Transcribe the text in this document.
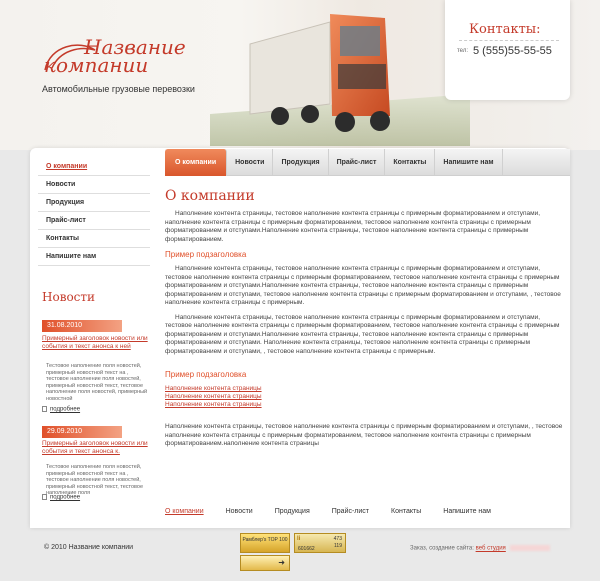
Название
компании
Автомобильные грузовые перевозки
Контакты:
тел: 5 (555)55-55-55
О компании	Новости	Продукция	Прайс-лист	Контакты	Напишите нам
О компании
Новости
Продукция
Прайс-лист
Контакты
Напишите нам
Новости
31.08.2010
Примерный заголовок новости или события и текст анонса к ней
Тестовое наполнение поля новостей, примерный новостной текст на , тестовое наполнение поля новостей, примерный новостной текст, тестовое наполнение поля новостей, примерный новостной
подробнее
29.09.2010
Примерный заголовок новости или события и текст анонса к.
Тестовое наполнение поля новостей, примерный новостной текст на , тестовое наполнение поля новостей, примерный новостной текст, тестовое наполнение поля
подробнее
О компании

Наполнение контента страницы, тестовое наполнение контента страницы с примерным форматированием и отступами, наполнение контента страницы с примерным форматированием, тестовое наполнение контента страницы с примерным форматированием и отступами.Наполнение контента страницы, тестовое наполнение контента страницы с примерным форматированием.

Пример подзаголовка

Наполнение контента страницы, тестовое наполнение контента страницы с примерным форматированием и отступами, тестовое наполнение контента страницы с примерным форматированием, тестовое наполнение контента страницы с примерным форматированием и отступами.Наполнение контента страницы, тестовое наполнение контента страницы с примерным форматированием и отступами, тестовое наполнение контента страницы с примерным форматированием и отступами, , тестовое наполнение контента страницы с примерным.

Наполнение контента страницы, тестовое наполнение контента страницы с примерным форматированием и отступами, тестовое наполнение контента страницы с примерным форматированием, тестовое наполнение контента страницы с примерным форматированием и отступами.Наполнение контента страницы, тестовое наполнение контента страницы с примерным форматированием и отступами. Наполнение контента страницы, тестовое наполнение контента страницы с примерным форматированием и отступами, , тестовое наполнение контента страницы с примерным.

Пример подзаголовка
Наполнение контента страницы
Наполнение контента страницы
Наполнение контента страницы

Наполнение контента страницы, тестовое наполнение контента страницы с примерным форматированием и отступами, , тестовое наполнение контента страницы с примерным форматированием, тестовое наполнение контента страницы с примерным форматированием.наполнение контента страницы

О компании	Новости	Продукция	Прайс-лист	Контакты	Напишите нам
© 2010 Название компании
Рамблер's TOP 100	li	473
119
601662
➜
Заказ, создание сайта: веб студия
